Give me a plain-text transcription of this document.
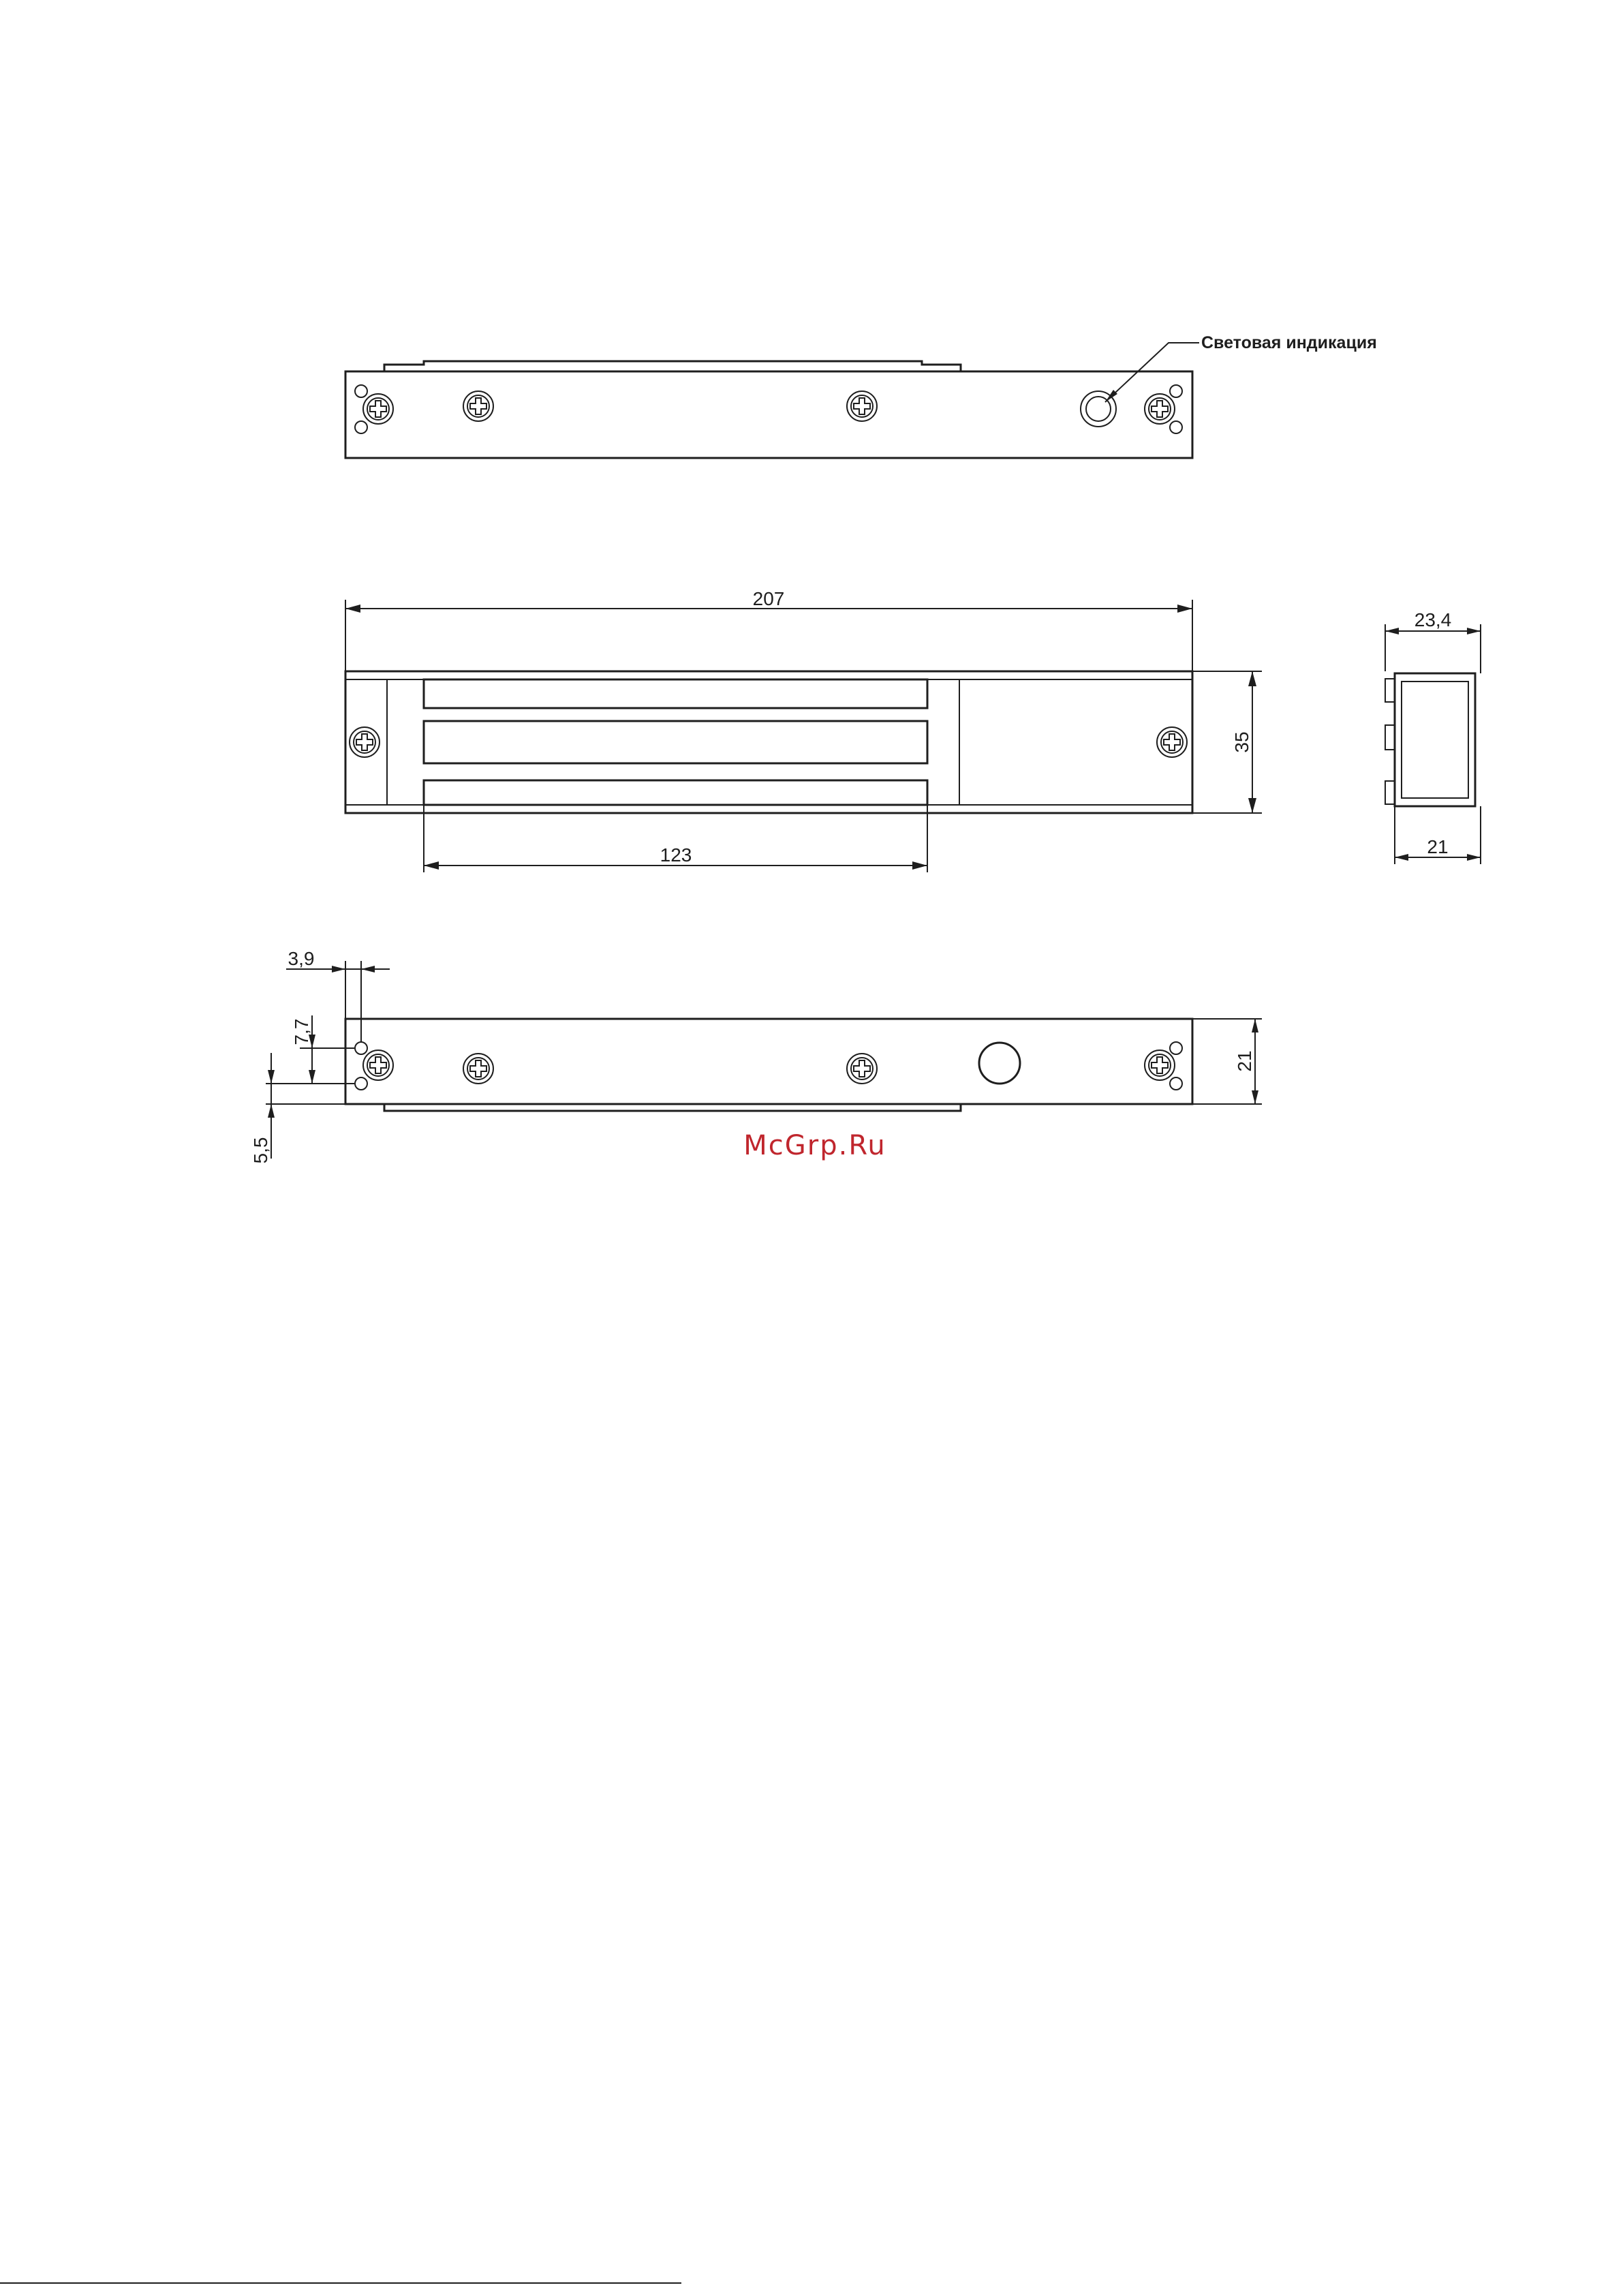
Световая индикация
207
35
123
23,4
21
3,9
7,7
5,5
21
McGrp.Ru
